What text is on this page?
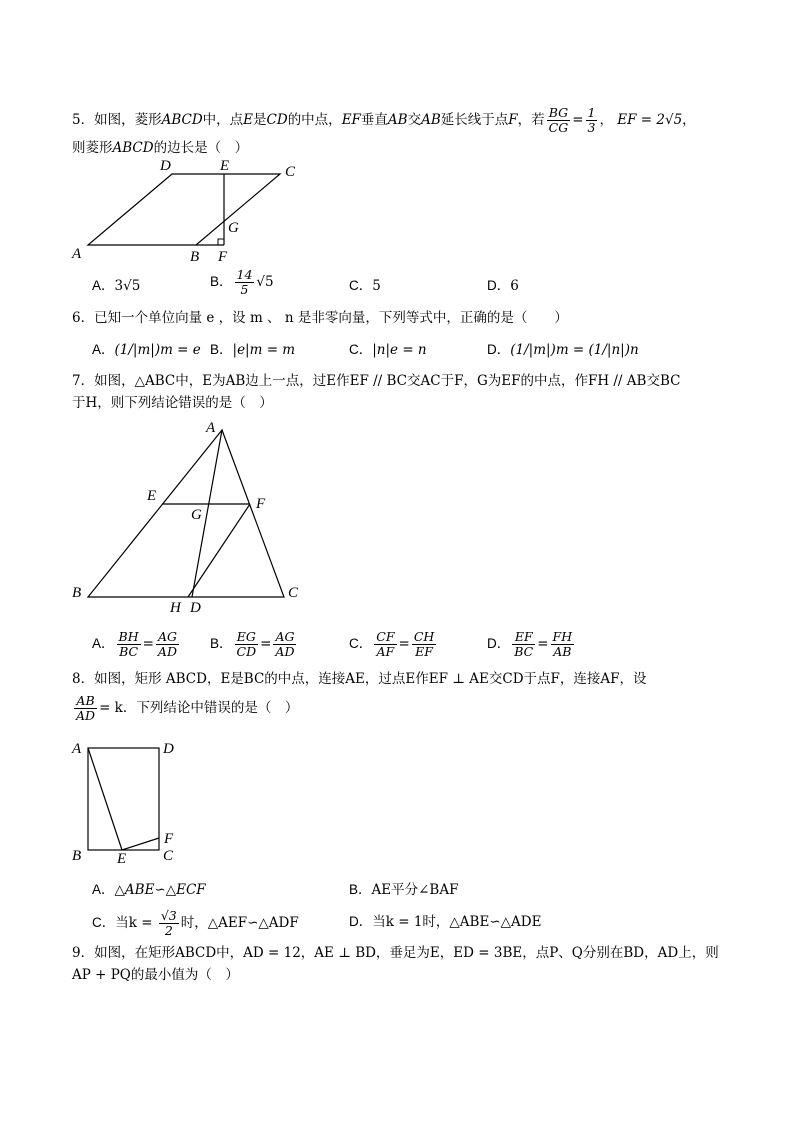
5．如图，菱形ABCD中，点E是CD的中点，EF垂直AB交AB延长线于点F，若 $\frac{BG}{CG} = \frac{1}{3}$ ， EF = 2√5，
则菱形ABCD的边长是（　）
A	B
C
D	E
F
G
A．3√5	B． $\frac{14}{5} √5$	C．5	D．6
6．已知一个单位向量 e ，设 m 、 n 是非零向量，下列等式中，正确的是（　　）
A．(1/|m|)m = e B．|e|m = m	C．|n|e = n	D．(1/|m|)m = (1/|n|)n
7．如图，△ABC中，E为AB边上一点，过E作EF // BC交AC于F，G为EF的中点，作FH // AB交BC
于H，则下列结论错误的是（　）
A
B	C
D
E	F
G
H
A． $\frac{BH}{BC} = \frac{AG}{AD}$ B． $\frac{EG}{CD} = \frac{AG}{AD}$	C． $\frac{CF}{AF} = \frac{CH}{EF}$	D． $\frac{EF}{BC} = \frac{FH}{AB}$
8．如图，矩形 ABCD，E是BC的中点，连接AE，过点E作EF ⊥ AE交CD于点F，连接AF，设
$\frac{AB}{AD} = k$．下列结论中错误的是（　）
A
B	C
D
E
F
A．△ABE∽△ECF	B．AE平分∠BAF
C．当$k = \frac{√3}{2}$ 时，△AEF∽△ADF	D．当k = 1时，△ABE∽△ADE
9．如图，在矩形ABCD中，AD = 12，AE ⊥ BD，垂足为E，ED = 3BE，点P、Q分别在BD，AD上，则
AP + PQ的最小值为（　）
